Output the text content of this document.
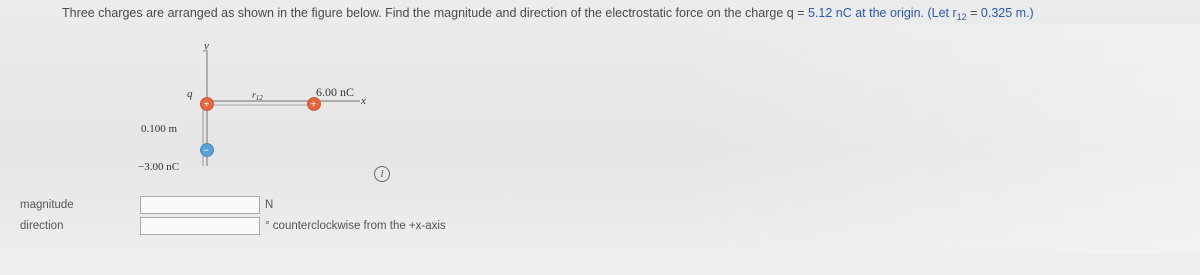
Three charges are arranged as shown in the figure below. Find the magnitude and direction of the electrostatic force on the charge q = 5.12 nC at the origin. (Let $r_{12} = 0.325$ m.)
y
x
$r_{12}$
+
q
+
6.00 nC
0.100 m
−
−3.00 nC
i
magnitude	N
direction	° counterclockwise from the +x-axis
